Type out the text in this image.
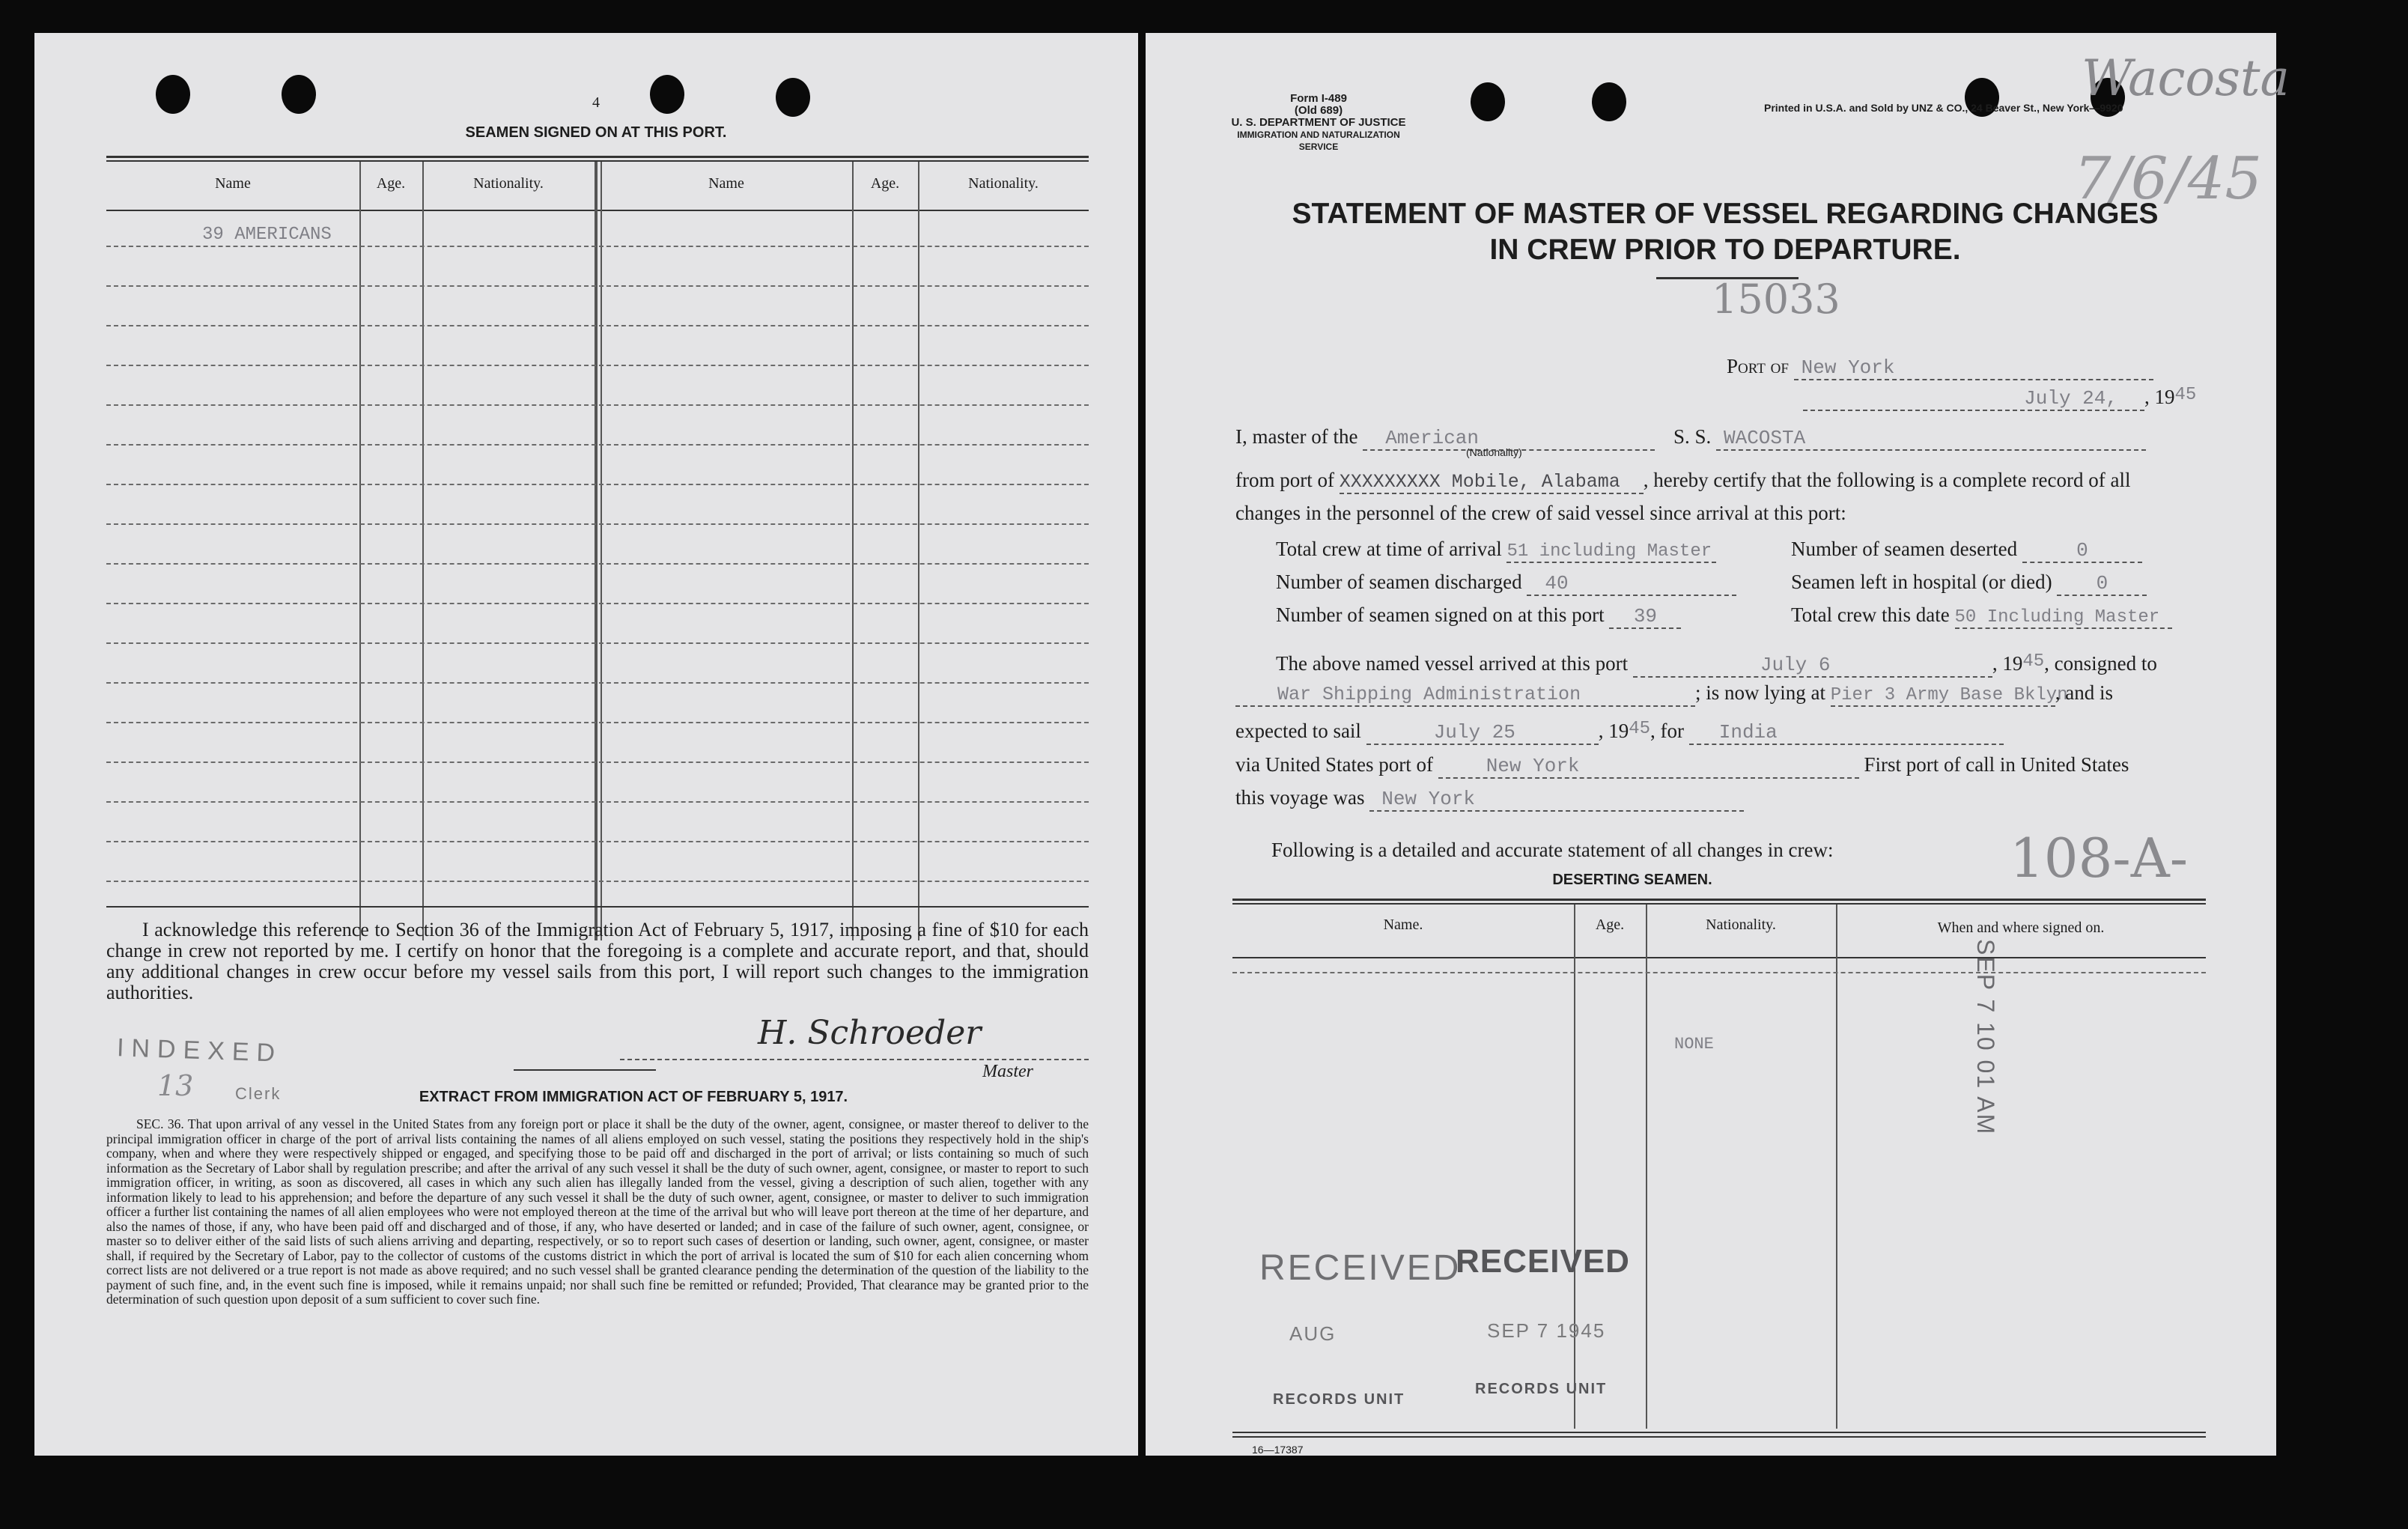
4
SEAMEN SIGNED ON AT THIS PORT.
Name	Age.	Nationality.	Name	Age.	Nationality.
39 AMERICANS
I acknowledge this reference to Section 36 of the Immigration Act of February 5, 1917, imposing a fine of $10 for each change in crew not reported by me. I certify on honor that the foregoing is a complete and accurate report, and that, should any additional changes in crew occur before my vessel sails from this port, I will report such changes to the immigration authorities.
H. Schroeder
Master
INDEXED
13	Clerk	EXTRACT FROM IMMIGRATION ACT OF FEBRUARY 5, 1917.
SEC. 36. That upon arrival of any vessel in the United States from any foreign port or place it shall be the duty of the owner, agent, consignee, or master thereof to deliver to the principal immigration officer in charge of the port of arrival lists containing the names of all aliens employed on such vessel, stating the positions they respectively hold in the ship's company, when and where they were respectively shipped or engaged, and specifying those to be paid off and discharged in the port of arrival; or lists containing so much of such information as the Secretary of Labor shall by regulation prescribe; and after the arrival of any such vessel it shall be the duty of such owner, agent, consignee, or master to report to such immigration officer, in writing, as soon as discovered, all cases in which any such alien has illegally landed from the vessel, giving a description of such alien, together with any information likely to lead to his apprehension; and before the departure of any such vessel it shall be the duty of such owner, agent, consignee, or master to deliver to such immigration officer a further list containing the names of all alien employees who were not employed thereon at the time of the arrival but who will leave port thereon at the time of her departure, and also the names of those, if any, who have been paid off and discharged and of those, if any, who have deserted or landed; and in case of the failure of such owner, agent, consignee, or master so to deliver either of the said lists of such aliens arriving and departing, respectively, or so to report such cases of desertion or landing, such owner, agent, consignee, or master shall, if required by the Secretary of Labor, pay to the collector of customs of the customs district in which the port of arrival is located the sum of $10 for each alien concerning whom correct lists are not delivered or a true report is not made as above required; and no such vessel shall be granted clearance pending the determination of the question of the liability to the payment of such fine, and, in the event such fine is imposed, while it remains unpaid; nor shall such fine be remitted or refunded; Provided, That clearance may be granted prior to the determination of such question upon deposit of a sum sufficient to cover such fine.
Form I-489
(Old 689)
U. S. DEPARTMENT OF JUSTICE
IMMIGRATION AND NATURALIZATION SERVICE
Printed in U.S.A. and Sold by UNZ & CO., 24 Beaver St., New York—9920
Wacosta
7/6/45
STATEMENT OF MASTER OF VESSEL REGARDING CHANGES
IN CREW PRIOR TO DEPARTURE.
15033
Port of New York
July 24, , 1945
I, master of the American	S. S. WACOSTA
(Nationality)
from port of XXXXXXXXX Mobile, Alabama , hereby certify that the following is a complete record of all
changes in the personnel of the crew of said vessel since arrival at this port:
Total crew at time of arrival 51 including Master	Number of seamen deserted	0
Number of seamen discharged 40	Seamen left in hospital (or died) 0
Number of seamen signed on at this port 39	Total crew this date 50 Including Master
The above named vessel arrived at this port	July 6	, 1945, consigned to
War Shipping Administration	; is now lying at Pier 3 Army Base Bklyn, and is
expected to sail	July 25	, 1945, for India
via United States port of	New York	First port of call in United States
this voyage was New York
Following is a detailed and accurate statement of all changes in crew:	108-A-
DESERTING SEAMEN.
Name.	Age.	Nationality.	When and where signed on.
NONE
RECEIVED
RECEIVED
AUG	SEP 7 1945
RECORDS UNIT
RECORDS UNIT
SEP 7 10 01 AM
16—17387
